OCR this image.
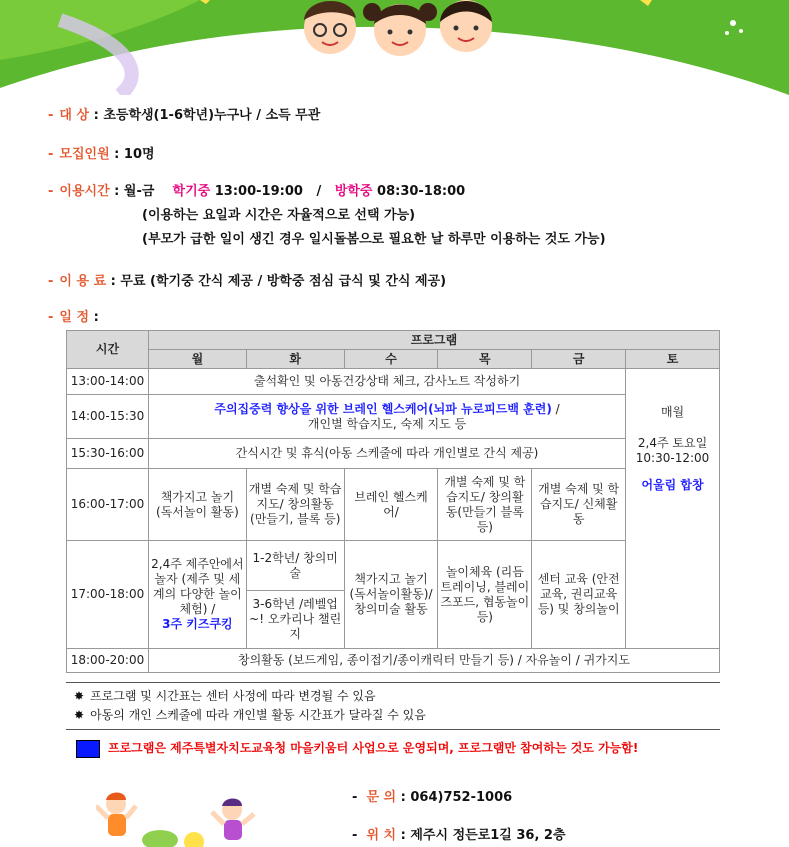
- 대 상 : 초등학생(1-6학년)누구나 / 소득 무관
- 모집인원 : 10명
- 이용시간 : 월-금 학기중 13:00-19:00 / 방학중 08:30-18:00
(이용하는 요일과 시간은 자율적으로 선택 가능)
(부모가 급한 일이 생긴 경우 일시돌봄으로 필요한 날 하루만 이용하는 것도 가능)
- 이 용 료 : 무료 (학기중 간식 제공 / 방학중 점심 급식 및 간식 제공)
- 일 정 :
시간	프로그램					
	월	화	수	목	금	토
13:00-14:00	출석확인 및 아동건강상태 체크, 감사노트 작성하기					매월
2,4주 토요일 10:30-12:00
어울림 합창

14:00-15:30	주의집중력 향상을 위한 브레인 헬스케어(뇌파 뉴로피드백 훈련) /
개인별 학습지도, 숙제 지도 등					
15:30-16:00	간식시간 및 휴식(아동 스케줄에 따라 개인별로 간식 제공)					
16:00-17:00	책가지고 놀기 (독서놀이 활동)	개별 숙제 및 학습지도/ 창의활동(만들기, 블록 등)	브레인 헬스케어/	개별 숙제 및 학습지도/ 창의활동(만들기 블록 등)	개별 숙제 및 학습지도/ 신체활동	
17:00-18:00	2,4주 제주안에서 놀자 (제주 및 세계의 다양한 놀이체험) /
3주 키즈쿠킹	1-2학년/ 창의미술	책가지고 놀기 (독서놀이활동)/ 창의미술 활동	놀이체육 (리듬트레이닝, 블레이즈포드, 협동놀이 등)	센터 교육 (안전교육, 권리교육 등) 및 창의놀이	
		3-6학년 /레벨업~! 오카리나 챌린지				
18:00-20:00	창의활동 (보드게임, 종이접기/종이캐릭터 만들기 등) / 자유놀이 / 귀가지도					
✸ 프로그램 및 시간표는 센터 사정에 따라 변경될 수 있음
✸ 아동의 개인 스케줄에 따라 개인별 활동 시간표가 달라질 수 있음
프로그램은 제주특별자치도교육청 마을키움터 사업으로 운영되며, 프로그램만 참여하는 것도 가능함!
-  문 의 : 064)752-1006
-  위 치 : 제주시 정든로1길 36, 2층
